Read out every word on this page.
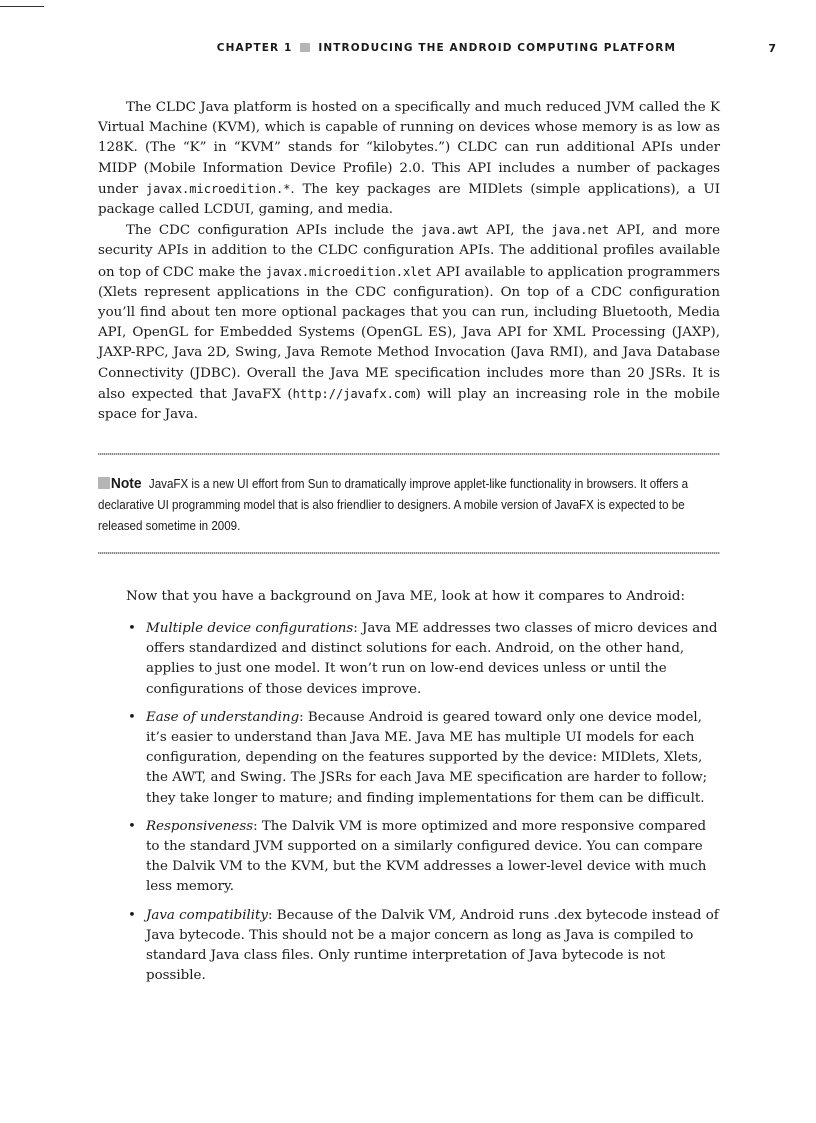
CHAPTER 1 INTRODUCING THE ANDROID COMPUTING PLATFORM	7

The CLDC Java platform is hosted on a specifically and much reduced JVM called the K Virtual Machine (KVM), which is capable of running on devices whose memory is as low as 128K. (The “K” in “KVM” stands for “kilobytes.”) CLDC can run additional APIs under MIDP (Mobile Information Device Profile) 2.0. This API includes a number of packages under javax.microedition.*. The key packages are MIDlets (simple applications), a UI package called LCDUI, gaming, and media.

The CDC configuration APIs include the java.awt API, the java.net API, and more security APIs in addition to the CLDC configuration APIs. The additional profiles available on top of CDC make the javax.microedition.xlet API available to application programmers (Xlets represent applications in the CDC configuration). On top of a CDC configuration you’ll find about ten more optional packages that you can run, including Bluetooth, Media API, OpenGL for Embedded Systems (OpenGL ES), Java API for XML Processing (JAXP), JAXP-RPC, Java 2D, Swing, Java Remote Method Invocation (Java RMI), and Java Database Connectivity (JDBC). Overall the Java ME specification includes more than 20 JSRs. It is also expected that JavaFX (http://javafx.com) will play an increasing role in the mobile space for Java.

Note JavaFX is a new UI effort from Sun to dramatically improve applet-like functionality in browsers. It offers a declarative UI programming model that is also friendlier to designers. A mobile version of JavaFX is expected to be released sometime in 2009.
Now that you have a background on Java ME, look at how it compares to Android:
• Multiple device configurations: Java ME addresses two classes of micro devices and offers standardized and distinct solutions for each. Android, on the other hand, applies to just one model. It won’t run on low-end devices unless or until the configurations of those devices improve.
• Ease of understanding: Because Android is geared toward only one device model, it’s easier to understand than Java ME. Java ME has multiple UI models for each configuration, depending on the features supported by the device: MIDlets, Xlets, the AWT, and Swing. The JSRs for each Java ME specification are harder to follow; they take longer to mature; and finding implementations for them can be difficult.
• Responsiveness: The Dalvik VM is more optimized and more responsive compared to the standard JVM supported on a similarly configured device. You can compare the Dalvik VM to the KVM, but the KVM addresses a lower-level device with much less memory.
• Java compatibility: Because of the Dalvik VM, Android runs .dex bytecode instead of Java bytecode. This should not be a major concern as long as Java is compiled to standard Java class files. Only runtime interpretation of Java bytecode is not possible.
